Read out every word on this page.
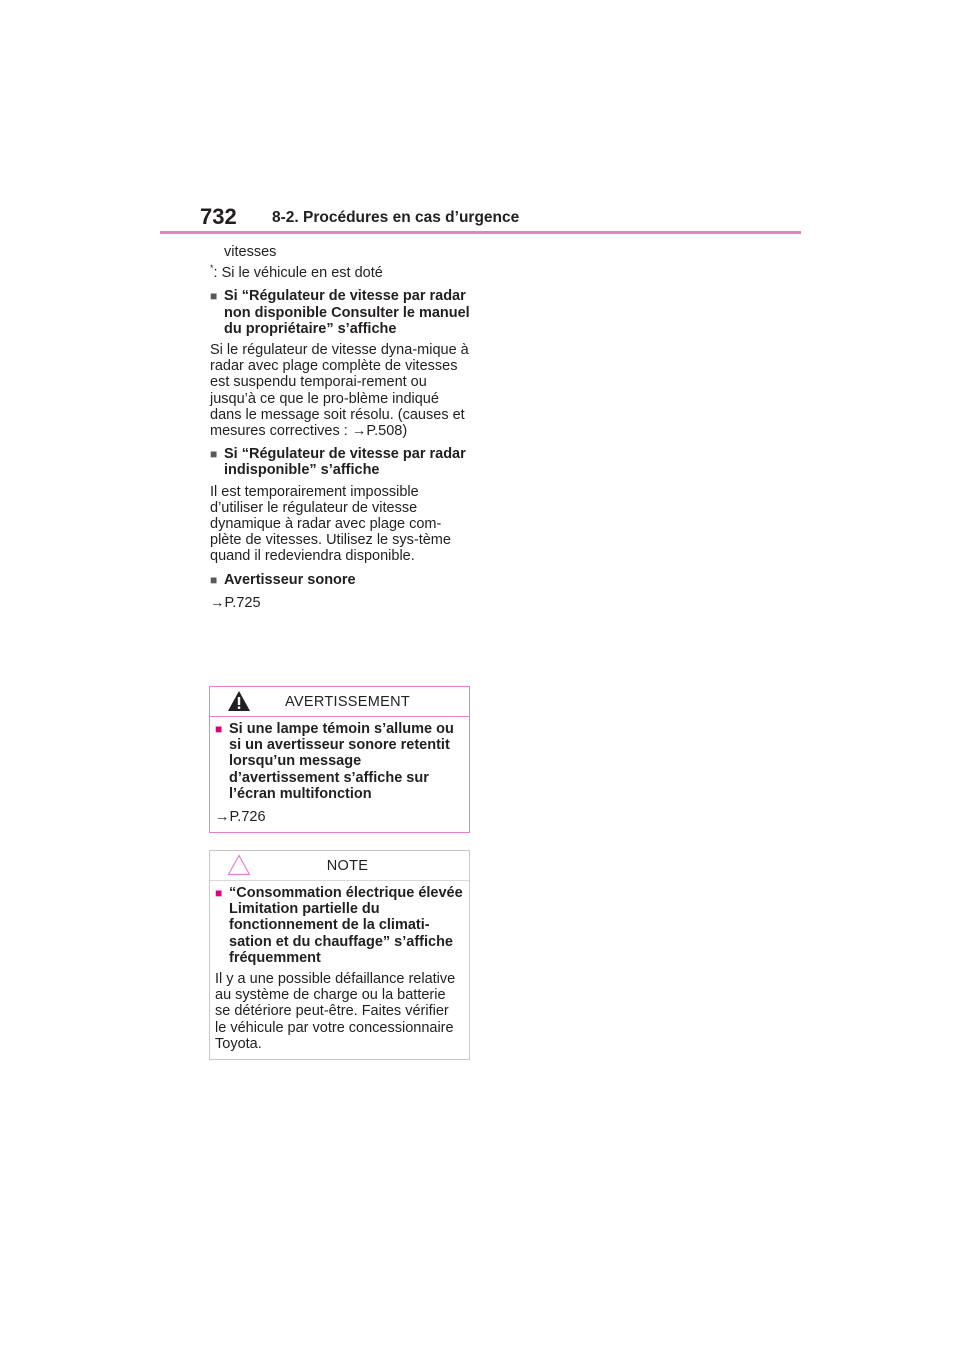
732 8-2. Procédures en cas d’urgence

vitesses

*: Si le véhicule en est doté

■ Si “Régulateur de vitesse par radar non disponible Consulter le manuel du propriétaire” s’affiche

Si le régulateur de vitesse dyna-mique à radar avec plage complète de vitesses est suspendu temporai-rement ou jusqu’à ce que le pro-blème indiqué dans le message soit résolu. (causes et mesures correctives : →P.508)

■ Si “Régulateur de vitesse par radar indisponible” s’affiche

Il est temporairement impossible d’utiliser le régulateur de vitesse dynamique à radar avec plage com-plète de vitesses. Utilisez le sys-tème quand il redeviendra disponible.

■ Avertisseur sonore

→P.725

AVERTISSEMENT

■ Si une lampe témoin s’allume ou si un avertisseur sonore retentit lorsqu’un message d’avertissement s’affiche sur l’écran multifonction

→P.726

NOTE

■ “Consommation électrique élevée Limitation partielle du fonctionnement de la climati-sation et du chauffage” s’affiche fréquemment

Il y a une possible défaillance relative au système de charge ou la batterie se détériore peut-être. Faites vérifier le véhicule par votre concessionnaire Toyota.
